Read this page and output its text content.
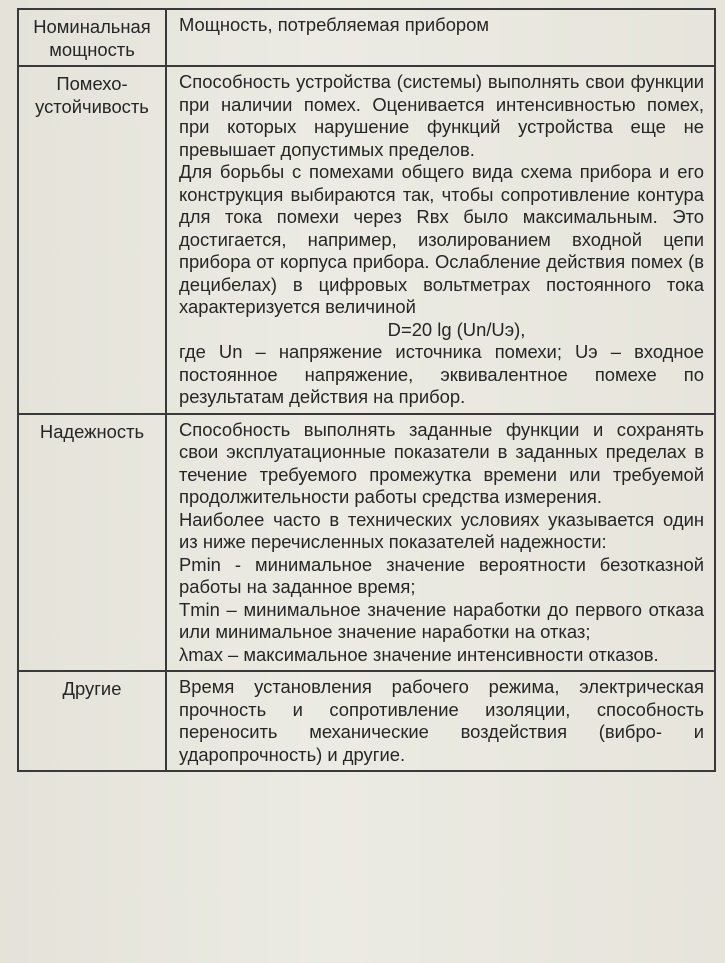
Номинальная мощность	Мощность, потребляемая прибором

Помехо-устойчивость	Способность устройства (системы) выполнять свои функции при наличии помех. Оценивается интенсивностью помех, при которых нарушение функций устройства еще не превышает допустимых пределов.

Для борьбы с помехами общего вида схема прибора и его конструкция выбираются так, чтобы сопротивление контура для тока помехи через Rвх было максимальным. Это достигается, например, изолированием входной цепи прибора от корпуса прибора. Ослабление действия помех (в децибелах) в цифровых вольтметрах постоянного тока характеризуется величиной

D=20 lg (Un/Uэ),

где Un – напряжение источника помехи; Uэ – входное постоянное напряжение, эквивалентное помехе по результатам действия на прибор.

Надежность	Способность выполнять заданные функции и сохранять свои эксплуатационные показатели в заданных пределах в течение требуемого промежутка времени или требуемой продолжительности работы средства измерения.

Наиболее часто в технических условиях указывается один из ниже перечисленных показателей надежности:

Pmin - минимальное значение вероятности безотказной работы на заданное время;

Tmin – минимальное значение наработки до первого отказа или минимальное значение наработки на отказ;

λmax – максимальное значение интенсивности отказов.

Другие	Время установления рабочего режима, электрическая прочность и сопротивление изоляции, способность переносить механические воздействия (вибро- и ударопрочность) и другие.
